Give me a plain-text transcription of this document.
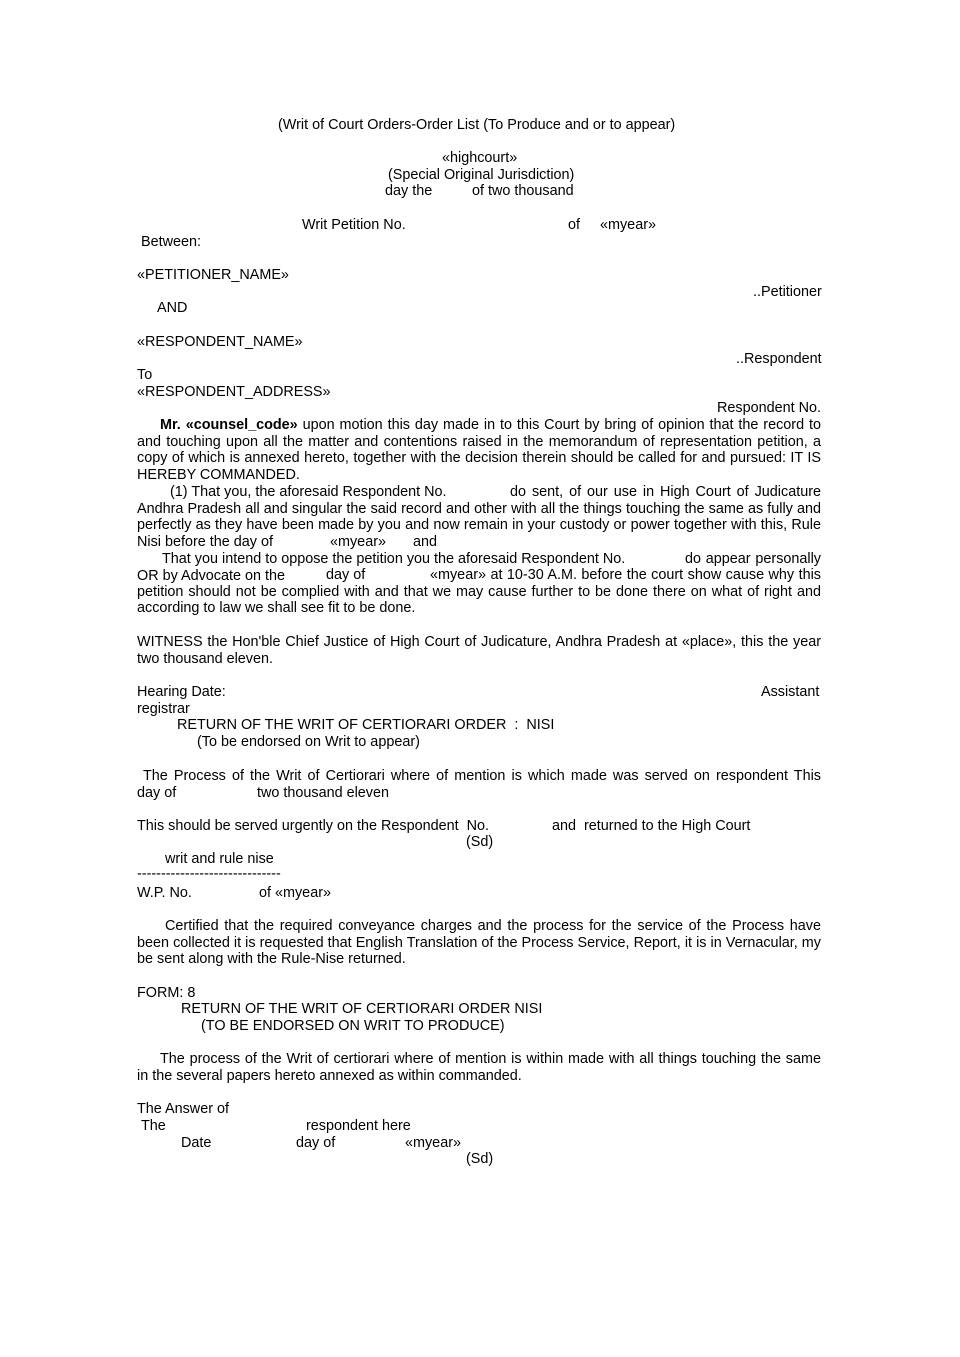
(Writ of Court Orders-Order List (To Produce and or to appear)
«highcourt»
(Special Original Jurisdiction)
day the	of two thousand
Writ Petition No.	of «myear»
Between:
«PETITIONER_NAME»
..Petitioner
AND
«RESPONDENT_NAME»
..Respondent
To
«RESPONDENT_ADDRESS»
Respondent No.
Mr. «counsel_code» upon motion this day made in to this Court by bring of opinion that the record to and touching upon all the matter and contentions raised in the memorandum of representation petition, a copy of which is annexed hereto, together with the decision therein should be called for and pursued: IT IS HEREBY COMMANDED.
(1) That you, the aforesaid Respondent No.	do sent, of our use in High Court of Judicature Andhra Pradesh all and singular the said record and other with all the things touching the same as fully and perfectly as they have been made by you and now remain in your custody or power together with this, Rule Nisi before the day of	«myear» and
That you intend to oppose the petition you the aforesaid Respondent No.	do appear personally OR by Advocate on the	day of	«myear» at 10-30 A.M. before the court show cause why this petition should not be complied with and that we may cause further to be done there on what of right and according to law we shall see fit to be done.
WITNESS the Hon'ble Chief Justice of High Court of Judicature, Andhra Pradesh at «place», this the year two thousand eleven.
Hearing Date:	Assistant
registrar
RETURN OF THE WRIT OF CERTIORARI ORDER  :  NISI
(To be endorsed on Writ to appear)
The Process of the Writ of Certiorari where of mention is which made was served on respondent This
day of	two thousand eleven
This should be served urgently on the Respondent  No.	and  returned to the High Court
(Sd)
writ and rule nise
------------------------------
W.P. No.	of «myear»
Certified that the required conveyance charges and the process for the service of the Process have been collected it is requested that English Translation of the Process Service, Report, it is in Vernacular, my be sent along with the Rule-Nise returned.
FORM: 8
RETURN OF THE WRIT OF CERTIORARI ORDER NISI
(TO BE ENDORSED ON WRIT TO PRODUCE)
The process of the Writ of certiorari where of mention is within made with all things touching the same in the several papers hereto annexed as within commanded.
The Answer of
The	respondent here
Date	day of	«myear»
(Sd)
